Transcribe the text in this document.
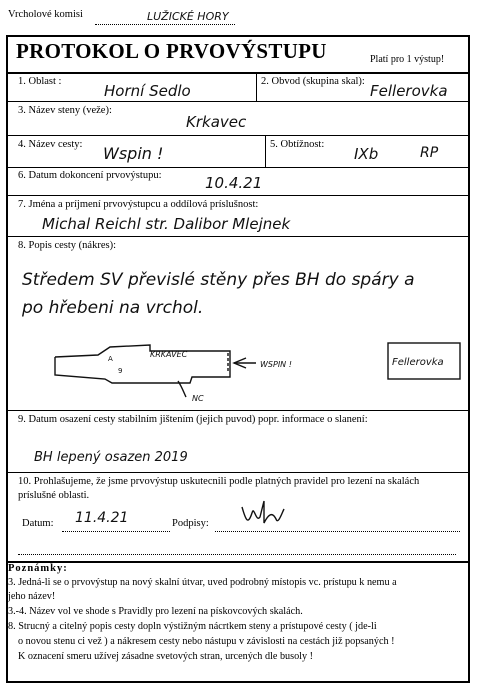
Vrcholové komisi	LUŽICKÉ HORY
PROTOKOL O PRVOVÝSTUPU	Platí pro 1 výstup!
1. Oblast :
Horní Sedlo
2. Obvod (skupina skal):
Fellerovka
3. Název steny (veže):
Krkavec
4. Název cesty: Wspin !	5. Obtížnost:
IXb	RP
6. Datum dokoncení prvovýstupu:	10.4.21
7. Jména a príjmení prvovýstupcu a oddílová príslušnost:
Michal Reichl str. Dalibor Mlejnek
8. Popis cesty (nákres):
Středem SV převislé stěny přes BH do spáry a
po hřebeni na vrchol.
KRKAVEC
WSPIN !
NC
A
9
Fellerovka
9. Datum osazení cesty stabilním jištením (jejich puvod) popr. informace o slanení:
BH lepený osazen 2019
10. Prohlašujeme, že jsme prvovýstup uskutecnili podle platných pravidel pro lezení na skalách
príslušné oblasti.
Datum: 11.4.21	Podpisy:
Poznámky:
3. Jedná-li se o prvovýstup na nový skalní útvar, uved podrobný místopis vc. prístupu k nemu a
jeho název!
3.-4. Název vol ve shode s Pravidly pro lezení na pískovcových skalách.
8. Strucný a citelný popis cesty dopln výstižným nácrtkem steny a prístupové cesty ( jde-li
o novou stenu ci vež ) a nákresem cesty nebo nástupu v závislosti na cestách již popsaných !
K oznacení smeru užívej zásadne svetových stran, urcených dle busoly !
